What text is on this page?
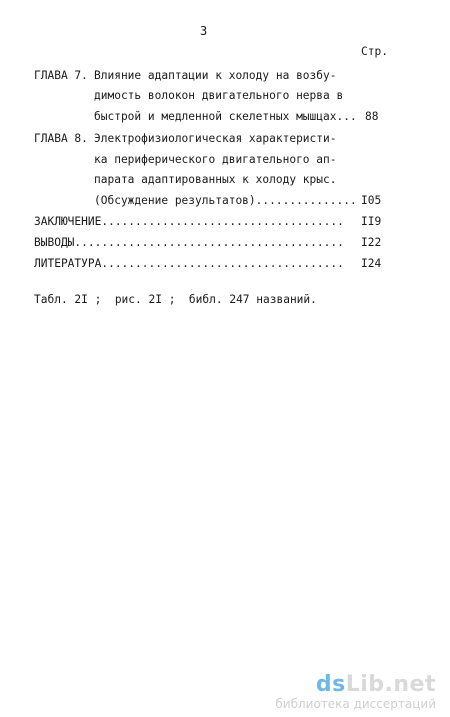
3
Стр.
ГЛАВА 7. Влияние адаптации к холоду на возбу-
димость волокон двигательного нерва в
быстрой и медленной скелетных мышцах... 88
ГЛАВА 8. Электрофизиологическая характеристи-
ка периферического двигательного ап-
парата адаптированных к холоду крыс.
(Обсуждение результатов)............... I05
ЗАКЛЮЧЕНИЕ.................................... II9
ВЫВОДЫ........................................ I22
ЛИТЕРАТУРА.................................... I24
Табл. 2I ;  рис. 2I ;  библ. 247 названий.
dsLib.net
библиотека диссертаций
